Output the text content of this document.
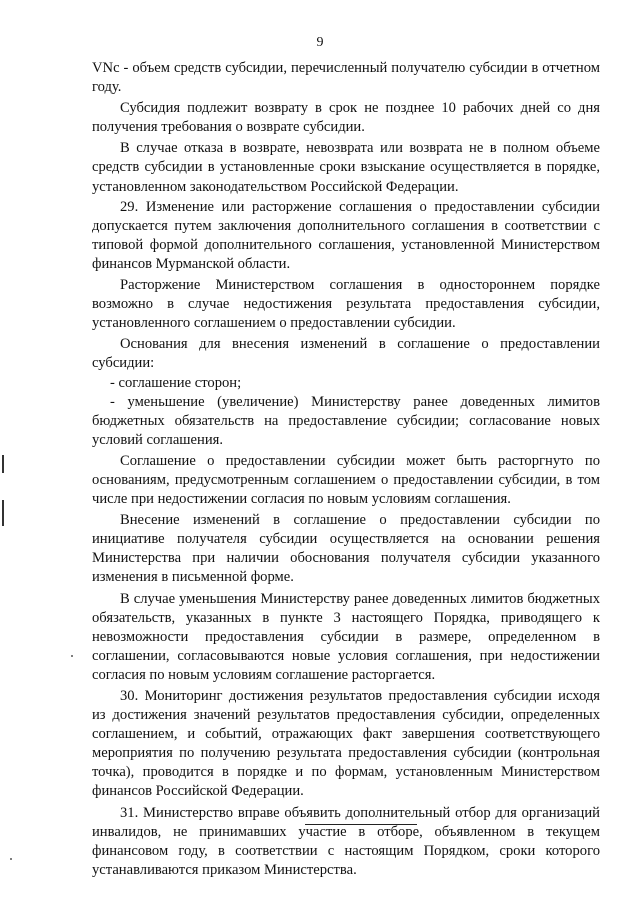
9

VNc - объем средств субсидии, перечисленный получателю субсидии в отчетном году.

Субсидия подлежит возврату в срок не позднее 10 рабочих дней со дня получения требования о возврате субсидии.

В случае отказа в возврате, невозврата или возврата не в полном объеме средств субсидии в установленные сроки взыскание осуществляется в порядке, установленном законодательством Российской Федерации.

29. Изменение или расторжение соглашения о предоставлении субсидии допускается путем заключения дополнительного соглашения в соответствии с типовой формой дополнительного соглашения, установленной Министерством финансов Мурманской области.

Расторжение Министерством соглашения в одностороннем порядке возможно в случае недостижения результата предоставления субсидии, установленного соглашением о предоставлении субсидии.

Основания для внесения изменений в соглашение о предоставлении субсидии:

- соглашение сторон;

- уменьшение (увеличение) Министерству ранее доведенных лимитов бюджетных обязательств на предоставление субсидии; согласование новых условий соглашения.

Соглашение о предоставлении субсидии может быть расторгнуто по основаниям, предусмотренным соглашением о предоставлении субсидии, в том числе при недостижении согласия по новым условиям соглашения.

Внесение изменений в соглашение о предоставлении субсидии по инициативе получателя субсидии осуществляется на основании решения Министерства при наличии обоснования получателя субсидии указанного изменения в письменной форме.

В случае уменьшения Министерству ранее доведенных лимитов бюджетных обязательств, указанных в пункте 3 настоящего Порядка, приводящего к невозможности предоставления субсидии в размере, определенном в соглашении, согласовываются новые условия соглашения, при недостижении согласия по новым условиям соглашение расторгается.

30. Мониторинг достижения результатов предоставления субсидии исходя из достижения значений результатов предоставления субсидии, определенных соглашением, и событий, отражающих факт завершения соответствующего мероприятия по получению результата предоставления субсидии (контрольная точка), проводится в порядке и по формам, установленным Министерством финансов Российской Федерации.

31. Министерство вправе объявить дополнительный отбор для организаций инвалидов, не принимавших участие в отборе, объявленном в текущем финансовом году, в соответствии с настоящим Порядком, сроки которого устанавливаются приказом Министерства.
